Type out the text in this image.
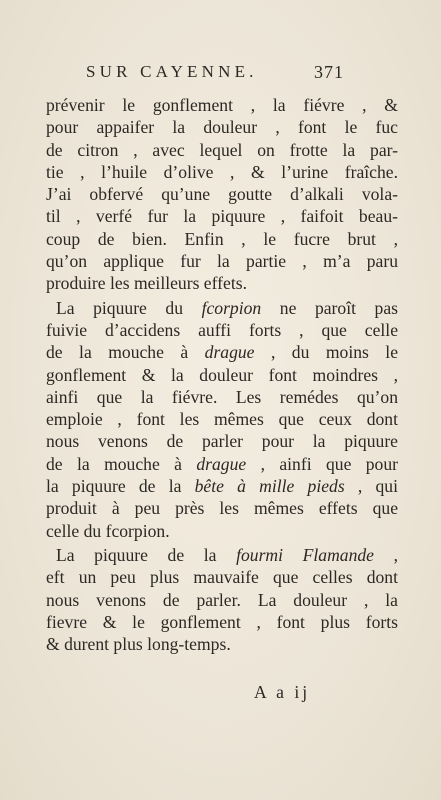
SUR CAYENNE.	371
prévenir le gonflement , la fiévre , &
pour appaifer la douleur , font le fuc
de citron , avec lequel on frotte la par-
tie , l’huile d’olive , & l’urine fraîche.
J’ai obfervé qu’une goutte d’alkali vola-
til , verfé fur la piquure , faifoit beau-
coup de bien. Enfin , le fucre brut ,
qu’on applique fur la partie , m’a paru
produire les meilleurs effets.
La piquure du fcorpion ne paroît pas
fuivie d’accidens auffi forts , que celle
de la mouche à drague , du moins le
gonflement & la douleur font moindres ,
ainfi que la fiévre. Les remédes qu’on
emploie , font les mêmes que ceux dont
nous venons de parler pour la piquure
de la mouche à drague , ainfi que pour
la piquure de la bête à mille pieds , qui
produit à peu près les mêmes effets que
celle du fcorpion.
La piquure de la fourmi Flamande ,
eft un peu plus mauvaife que celles dont
nous venons de parler. La douleur , la
fievre & le gonflement , font plus forts
& durent plus long-temps.
A a ij
